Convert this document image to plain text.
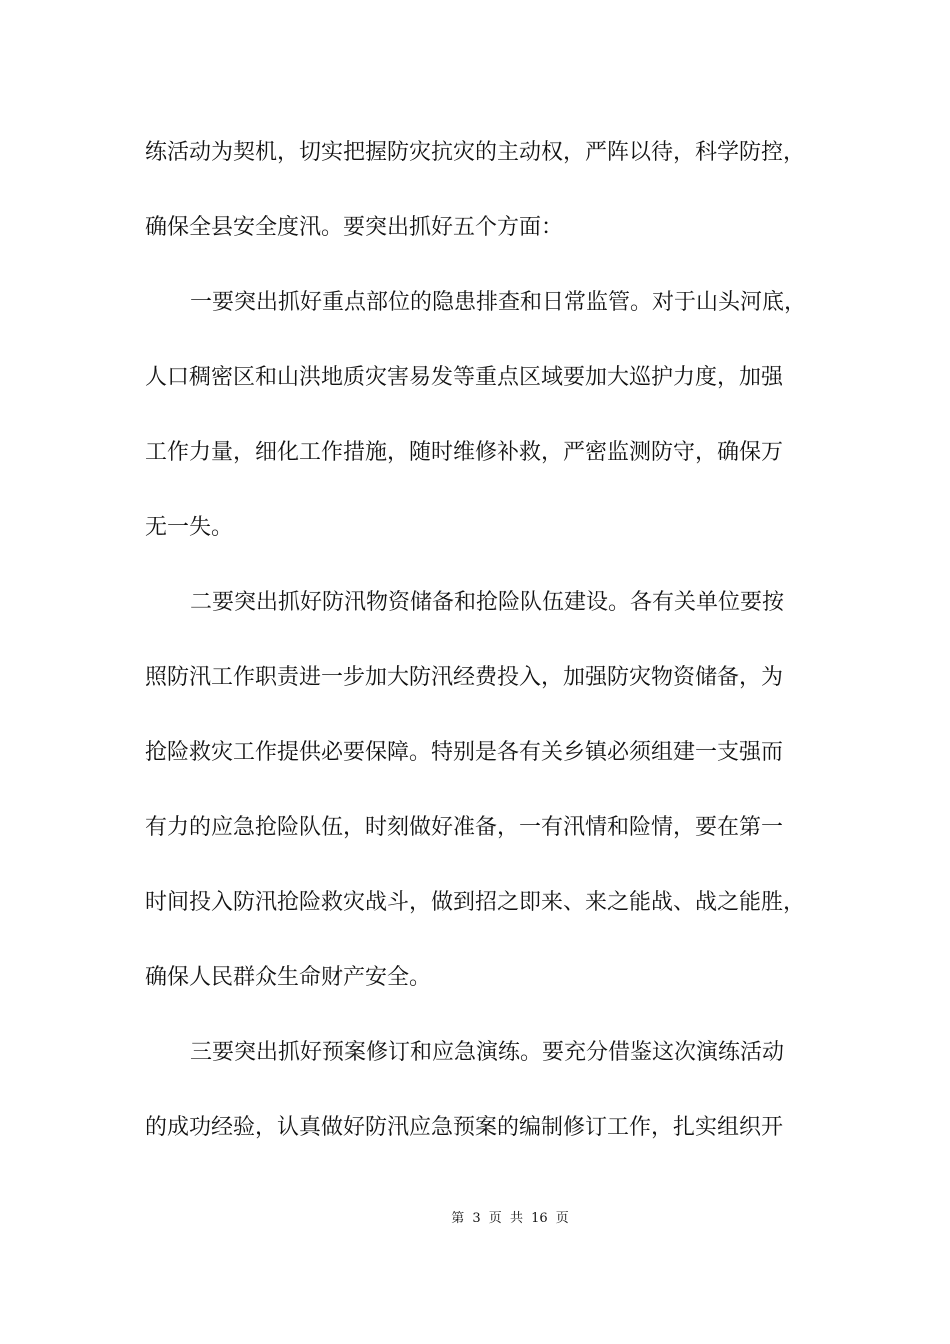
练活动为契机，切实把握防灾抗灾的主动权，严阵以待，科学防控，
确保全县安全度汛。要突出抓好五个方面：
一要突出抓好重点部位的隐患排查和日常监管。对于山头河底，
人口稠密区和山洪地质灾害易发等重点区域要加大巡护力度，加强
工作力量，细化工作措施，随时维修补救，严密监测防守，确保万
无一失。
二要突出抓好防汛物资储备和抢险队伍建设。各有关单位要按
照防汛工作职责进一步加大防汛经费投入，加强防灾物资储备，为
抢险救灾工作提供必要保障。特别是各有关乡镇必须组建一支强而
有力的应急抢险队伍，时刻做好准备，一有汛情和险情，要在第一
时间投入防汛抢险救灾战斗，做到招之即来、来之能战、战之能胜，
确保人民群众生命财产安全。
三要突出抓好预案修订和应急演练。要充分借鉴这次演练活动
的成功经验，认真做好防汛应急预案的编制修订工作，扎实组织开
第 3 页 共 16 页
